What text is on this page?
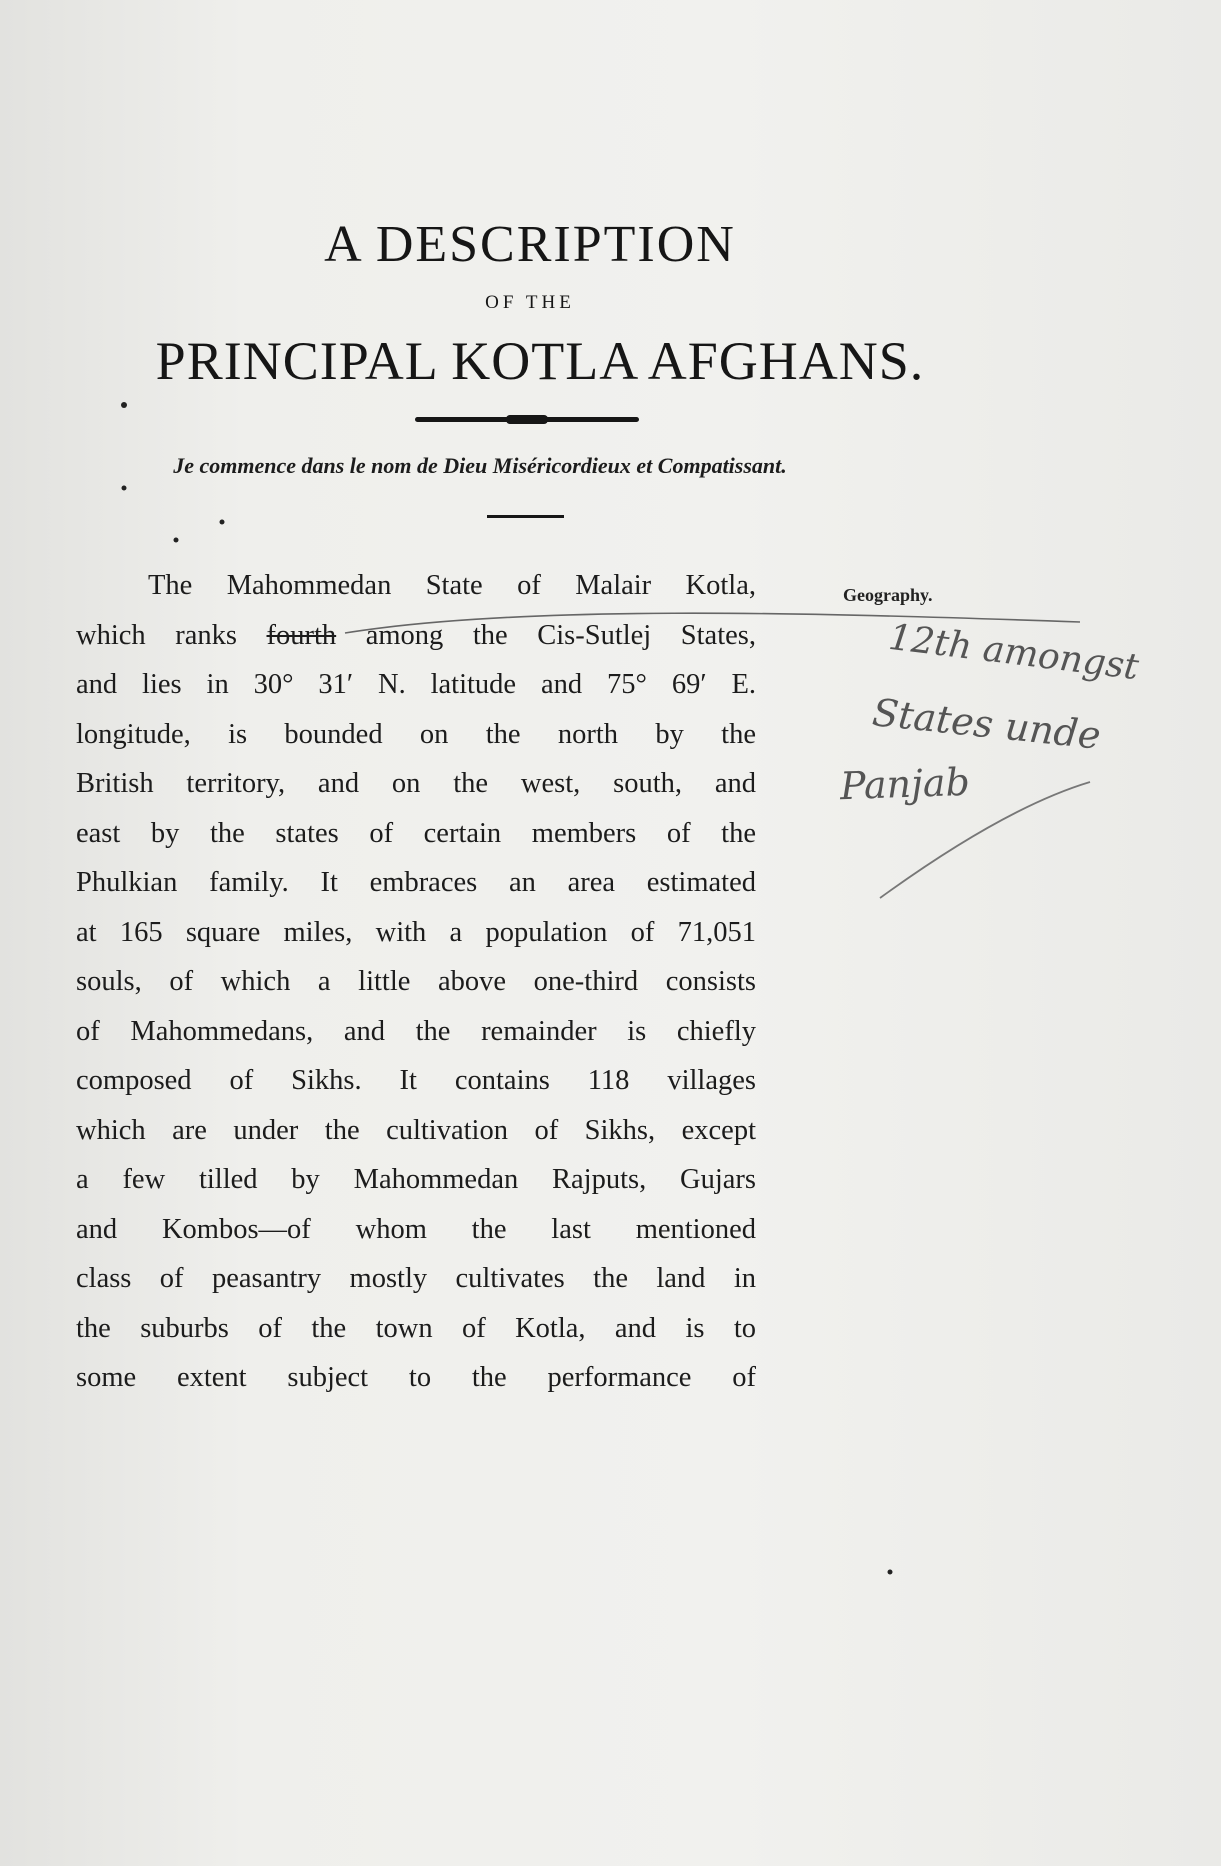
A DESCRIPTION
OF THE
PRINCIPAL KOTLA AFGHANS.
Je commence dans le nom de Dieu Miséricordieux et Compatissant.
The Mahommedan State of Malair Kotla,
which ranks fourth among the Cis-Sutlej States,
and lies in 30° 31′ N. latitude and 75° 69′ E.
longitude, is bounded on the north by the
British territory, and on the west, south, and
east by the states of certain members of the
Phulkian family. It embraces an area estimated
at 165 square miles, with a population of 71,051
souls, of which a little above one-third consists
of Mahommedans, and the remainder is chiefly
composed of Sikhs. It contains 118 villages
which are under the cultivation of Sikhs, except
a few tilled by Mahommedan Rajputs, Gujars
and Kombos—of whom the last mentioned
class of peasantry mostly cultivates the land in
the suburbs of the town of Kotla, and is to
some extent subject to the performance of
Geography.
12th amongst
States unde
Panjab
